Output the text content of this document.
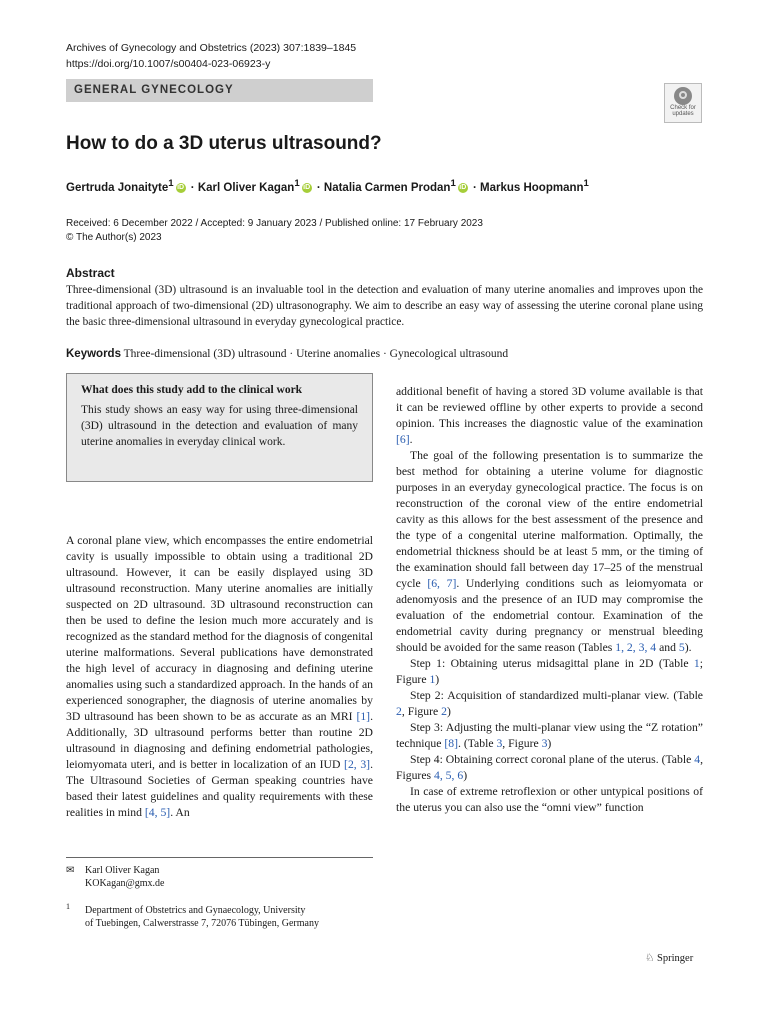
Archives of Gynecology and Obstetrics (2023) 307:1839–1845
https://doi.org/10.1007/s00404-023-06923-y
GENERAL GYNECOLOGY
Check for
updates
How to do a 3D uterus ultrasound?
Gertruda Jonaityte$^1$ iD · Karl Oliver Kagan$^1$ iD · Natalia Carmen Prodan$^1$ iD · Markus Hoopmann$^1$
Received: 6 December 2022 / Accepted: 9 January 2023 / Published online: 17 February 2023
© The Author(s) 2023
Abstract
Three-dimensional (3D) ultrasound is an invaluable tool in the detection and evaluation of many uterine anomalies and improves upon the traditional approach of two-dimensional (2D) ultrasonography. We aim to describe an easy way of assessing the uterine coronal plane using the basic three-dimensional ultrasound in everyday gynecological practice.
Keywords Three-dimensional (3D) ultrasound · Uterine anomalies · Gynecological ultrasound
What does this study add to the clinical work
This study shows an easy way for using three-dimensional (3D) ultrasound in the detection and evaluation of many uterine anomalies in everyday clinical work.

A coronal plane view, which encompasses the entire endometrial cavity is usually impossible to obtain using a traditional 2D ultrasound. However, it can be easily displayed using 3D ultrasound reconstruction. Many uterine anomalies are initially suspected on 2D ultrasound. 3D ultrasound reconstruction can then be used to define the lesion much more accurately and is recognized as the standard method for the diagnosis of congenital uterine malformations. Several publications have demonstrated the high level of accuracy in diagnosing and defining uterine anomalies using such a standardized approach. In the hands of an experienced sonographer, the diagnosis of uterine anomalies by 3D ultrasound has been shown to be as accurate as an MRI [1]. Additionally, 3D ultrasound performs better than routine 2D ultrasound in diagnosing and defining endometrial pathologies, leiomyomata uteri, and is better in localization of an IUD [2, 3]. The Ultrasound Societies of German speaking countries have based their latest guidelines and quality requirements with these realities in mind [4, 5]. An

additional benefit of having a stored 3D volume available is that it can be reviewed offline by other experts to provide a second opinion. This increases the diagnostic value of the examination [6].

The goal of the following presentation is to summarize the best method for obtaining a uterine volume for diagnostic purposes in an everyday gynecological practice. The focus is on reconstruction of the coronal view of the entire endometrial cavity as this allows for the best assessment of the presence and the type of a congenital uterine malformation. Optimally, the endometrial thickness should be at least 5 mm, or the timing of the examination should fall between day 17–25 of the menstrual cycle [6, 7]. Underlying conditions such as leiomyomata or adenomyosis and the presence of an IUD may compromise the evaluation of the endometrial contour. Examination of the endometrial cavity during pregnancy or menstrual bleeding should be avoided for the same reason (Tables 1, 2, 3, 4 and 5).

Step 1: Obtaining uterus midsagittal plane in 2D (Table 1; Figure 1)

Step 2: Acquisition of standardized multi-planar view. (Table 2, Figure 2)

Step 3: Adjusting the multi-planar view using the “Z rotation” technique [8]. (Table 3, Figure 3)

Step 4: Obtaining correct coronal plane of the uterus. (Table 4, Figures 4, 5, 6)

In case of extreme retroflexion or other untypical positions of the uterus you can also use the “omni view” function

✉ Karl Oliver Kagan
KOKagan@gmx.de
1 Department of Obstetrics and Gynaecology, University
of Tuebingen, Calwerstrasse 7, 72076 Tübingen, Germany
♘ Springer
